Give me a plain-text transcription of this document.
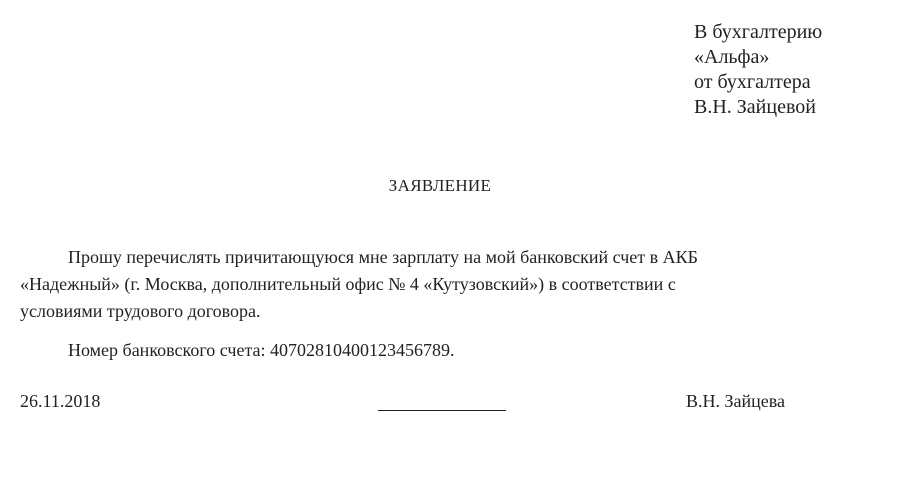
В бухгалтерию
«Альфа»
от бухгалтера
В.Н. Зайцевой
ЗАЯВЛЕНИЕ
Прошу перечислять причитающуюся мне зарплату на мой банковский счет в АКБ
«Надежный» (г. Москва, дополнительный офис № 4 «Кутузовский») в соответствии с
условиями трудового договора.
Номер банковского счета: 40702810400123456789.
26.11.2018	В.Н. Зайцева
